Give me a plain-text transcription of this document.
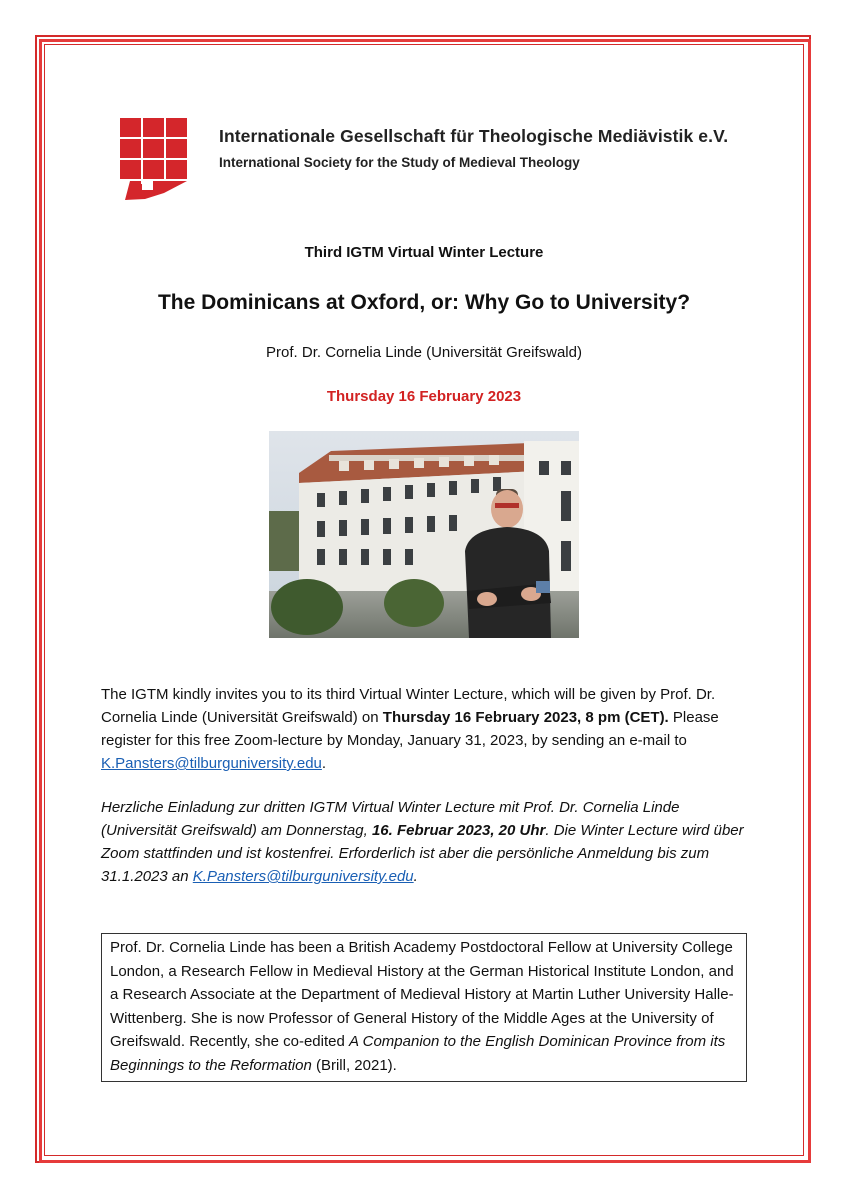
Internationale Gesellschaft für Theologische Mediävistik e.V.
International Society for the Study of Medieval Theology
Third IGTM Virtual Winter Lecture
The Dominicans at Oxford, or: Why Go to University?
Prof. Dr. Cornelia Linde (Universität Greifswald)
Thursday 16 February 2023
The IGTM kindly invites you to its third Virtual Winter Lecture, which will be given by Prof. Dr. Cornelia Linde (Universität Greifswald) on Thursday 16 February 2023, 8 pm (CET). Please register for this free Zoom-lecture by Monday, January 31, 2023, by sending an e-mail to K.Pansters@tilburguniversity.edu.
Herzliche Einladung zur dritten IGTM Virtual Winter Lecture mit Prof. Dr. Cornelia Linde (Universität Greifswald) am Donnerstag, 16. Februar 2023, 20 Uhr. Die Winter Lecture wird über Zoom stattfinden und ist kostenfrei. Erforderlich ist aber die persönliche Anmeldung bis zum 31.1.2023 an K.Pansters@tilburguniversity.edu.
Prof. Dr. Cornelia Linde has been a British Academy Postdoctoral Fellow at University College London, a Research Fellow in Medieval History at the German Historical Institute London, and a Research Associate at the Department of Medieval History at Martin Luther University Halle-Wittenberg. She is now Professor of General History of the Middle Ages at the University of Greifswald. Recently, she co-edited A Companion to the English Dominican Province from its Beginnings to the Reformation (Brill, 2021).
